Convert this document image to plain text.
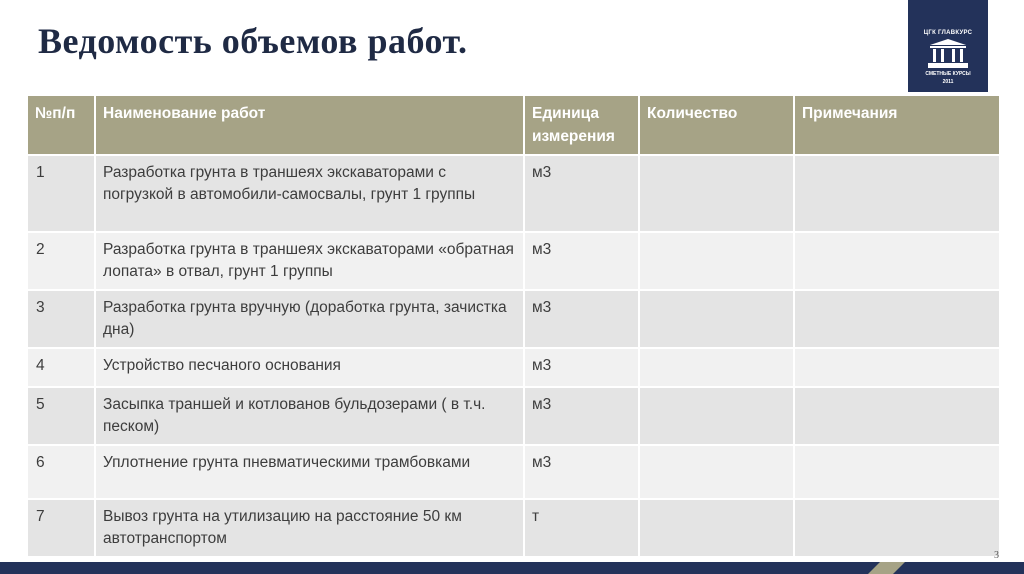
Ведомость объемов работ.	ЦГК ГЛАВКУРС
СМЕТНЫЕ КУРСЫ
2011
№п/п	Наименование работ	Единица измерения	Количество	Примечания
1	Разработка грунта в траншеях экскаваторами с погрузкой в автомобили-самосвалы, грунт 1 группы	м3		
2	Разработка грунта в траншеях экскаваторами «обратная лопата» в отвал, грунт 1 группы	м3		
3	Разработка грунта вручную (доработка грунта, зачистка дна)	м3		
4	Устройство песчаного основания	м3		
5	Засыпка траншей и котлованов бульдозерами ( в т.ч. песком)	м3		
6	Уплотнение грунта пневматическими трамбовками	м3		
7	Вывоз грунта на утилизацию на расстояние 50 км автотранспортом	т		
3
